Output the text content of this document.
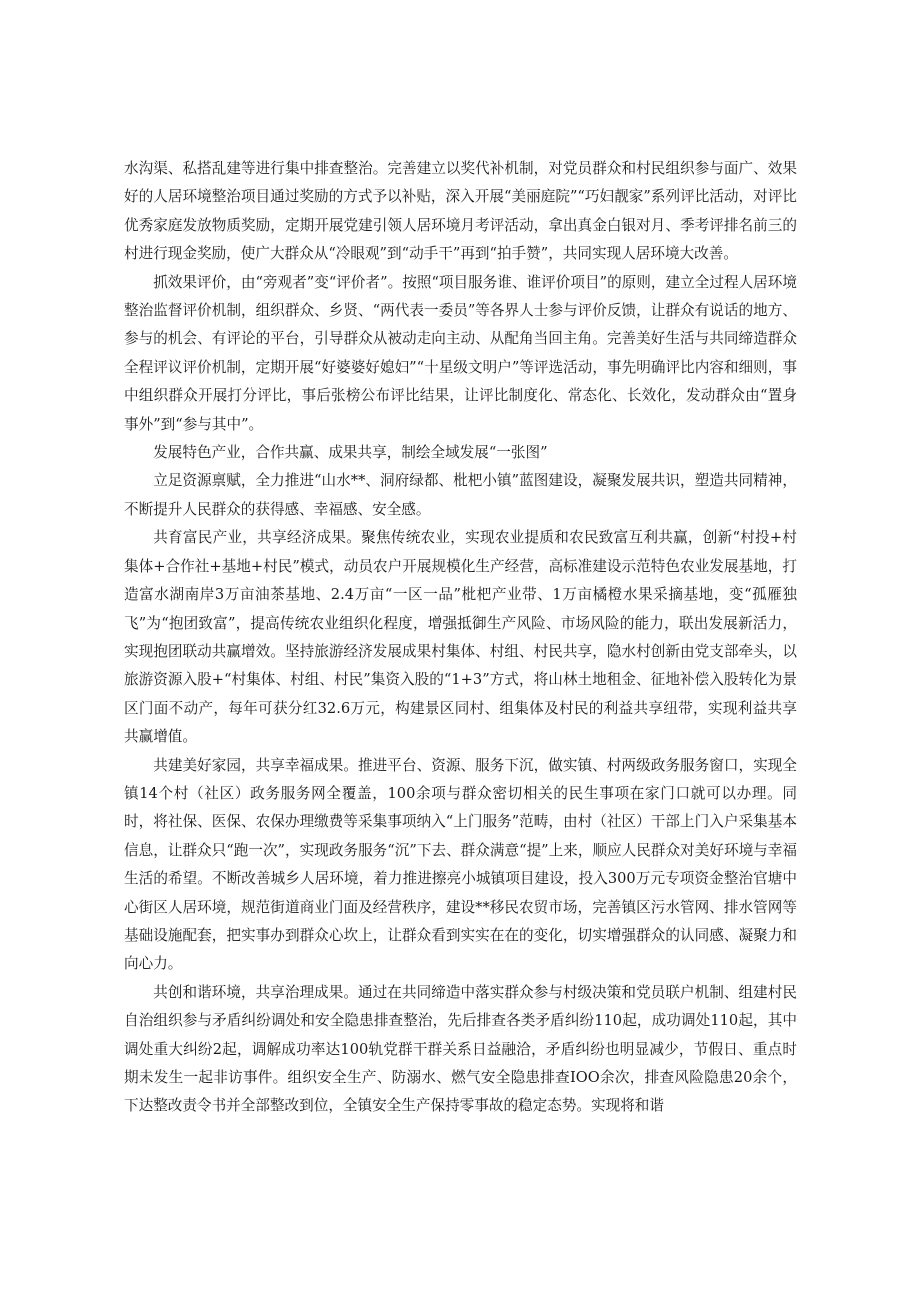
水沟渠、私搭乱建等进行集中排查整治。完善建立以奖代补机制，对党员群众和村民组织参与面广、效果好的人居环境整治项目通过奖励的方式予以补贴，深入开展“美丽庭院”“巧妇靓家”系列评比活动，对评比优秀家庭发放物质奖励，定期开展党建引领人居环境月考评活动，拿出真金白银对月、季考评排名前三的村进行现金奖励，使广大群众从“冷眼观”到“动手干”再到“拍手赞”，共同实现人居环境大改善。

抓效果评价，由“旁观者”变“评价者”。按照“项目服务谁、谁评价项目”的原则，建立全过程人居环境整治监督评价机制，组织群众、乡贤、“两代表一委员”等各界人士参与评价反馈，让群众有说话的地方、参与的机会、有评论的平台，引导群众从被动走向主动、从配角当回主角。完善美好生活与共同缔造群众全程评议评价机制，定期开展“好婆婆好媳妇”“十星级文明户”等评选活动，事先明确评比内容和细则，事中组织群众开展打分评比，事后张榜公布评比结果，让评比制度化、常态化、长效化，发动群众由“置身事外”到“参与其中”。

发展特色产业，合作共赢、成果共享，制绘全域发展“一张图”

立足资源禀赋，全力推进“山水**、洞府绿都、枇杷小镇”蓝图建设，凝聚发展共识，塑造共同精神，不断提升人民群众的获得感、幸福感、安全感。

共育富民产业，共享经济成果。聚焦传统农业，实现农业提质和农民致富互利共赢，创新“村投+村集体+合作社+基地+村民”模式，动员农户开展规模化生产经营，高标准建设示范特色农业发展基地，打造富水湖南岸3万亩油茶基地、2.4万亩“一区一品”枇杷产业带、1万亩橘橙水果采摘基地，变“孤雁独飞”为“抱团致富”，提高传统农业组织化程度，增强抵御生产风险、市场风险的能力，联出发展新活力，实现抱团联动共赢增效。坚持旅游经济发展成果村集体、村组、村民共享，隐水村创新由党支部牵头，以旅游资源入股+“村集体、村组、村民”集资入股的“1+3”方式，将山林土地租金、征地补偿入股转化为景区门面不动产，每年可获分红32.6万元，构建景区同村、组集体及村民的利益共享纽带，实现利益共享共赢增值。

共建美好家园，共享幸福成果。推进平台、资源、服务下沉，做实镇、村两级政务服务窗口，实现全镇14个村（社区）政务服务网全覆盖，100余项与群众密切相关的民生事项在家门口就可以办理。同时，将社保、医保、农保办理缴费等采集事项纳入“上门服务”范畴，由村（社区）干部上门入户采集基本信息，让群众只“跑一次”，实现政务服务“沉”下去、群众满意“提”上来，顺应人民群众对美好环境与幸福生活的希望。不断改善城乡人居环境，着力推进擦亮小城镇项目建设，投入300万元专项资金整治官塘中心街区人居环境，规范街道商业门面及经营秩序，建设**移民农贸市场，完善镇区污水管网、排水管网等基础设施配套，把实事办到群众心坎上，让群众看到实实在在的变化，切实增强群众的认同感、凝聚力和向心力。

共创和谐环境，共享治理成果。通过在共同缔造中落实群众参与村级决策和党员联户机制、组建村民自治组织参与矛盾纠纷调处和安全隐患排查整治，先后排查各类矛盾纠纷110起，成功调处110起，其中调处重大纠纷2起，调解成功率达100轨党群干群关系日益融洽，矛盾纠纷也明显减少，节假日、重点时期未发生一起非访事件。组织安全生产、防溺水、燃气安全隐患排查IOO余次，排查风险隐患20余个，下达整改责令书并全部整改到位，全镇安全生产保持零事故的稳定态势。实现将和谐
